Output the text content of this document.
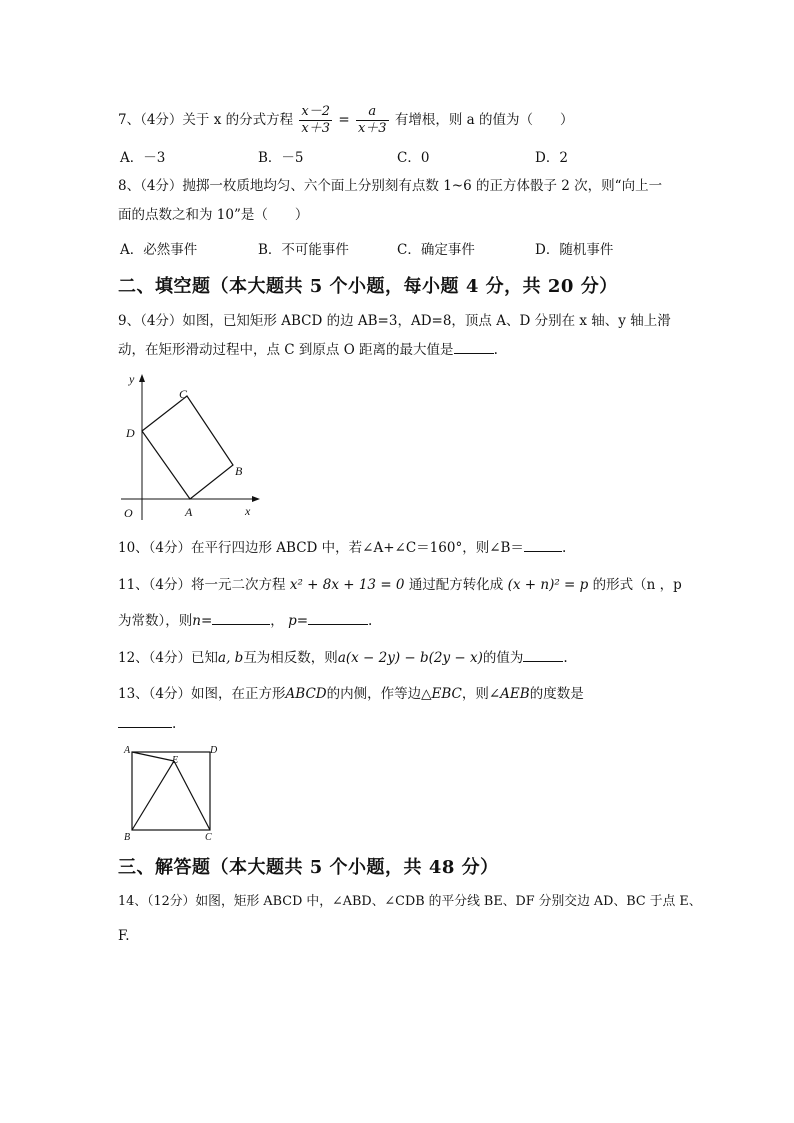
7、（4分）关于 x 的分式方程 $\frac{x-2}{x+3} = \frac{a}{x+3}$ 有增根，则 a 的值为（　　）
A．－3	B．－5	C．0	D．2
8、（4分）抛掷一枚质地均匀、六个面上分别刻有点数 1~6 的正方体骰子 2 次，则“向上一
面的点数之和为 10”是（　　）
A．必然事件	B．不可能事件	C．确定事件	D．随机事件
二、填空题（本大题共 5 个小题，每小题 4 分，共 20 分）
9、（4分）如图，已知矩形 ABCD 的边 AB=3，AD=8，顶点 A、D 分别在 x 轴、y 轴上滑
动，在矩形滑动过程中，点 C 到原点 O 距离的最大值是	.
y
x
O	A
B
C
D
10、（4分）在平行四边形 ABCD 中，若∠A+∠C＝160°，则∠B＝	.
11、（4分）将一元二次方程 x² + 8x + 13 = 0 通过配方转化成 (x + n)² = p 的形式（n ，p
为常数），则n=	， p=	.
12、（4分）已知a, b互为相反数，则a(x − 2y) − b(2y − x)的值为	.
13、（4分）如图，在正方形ABCD的内侧，作等边△EBC，则∠AEB的度数是
.
A	D
E
B	C
三、解答题（本大题共 5 个小题，共 48 分）
14、（12分）如图，矩形 ABCD 中，∠ABD、∠CDB 的平分线 BE、DF 分别交边 AD、BC 于点 E、
F.
